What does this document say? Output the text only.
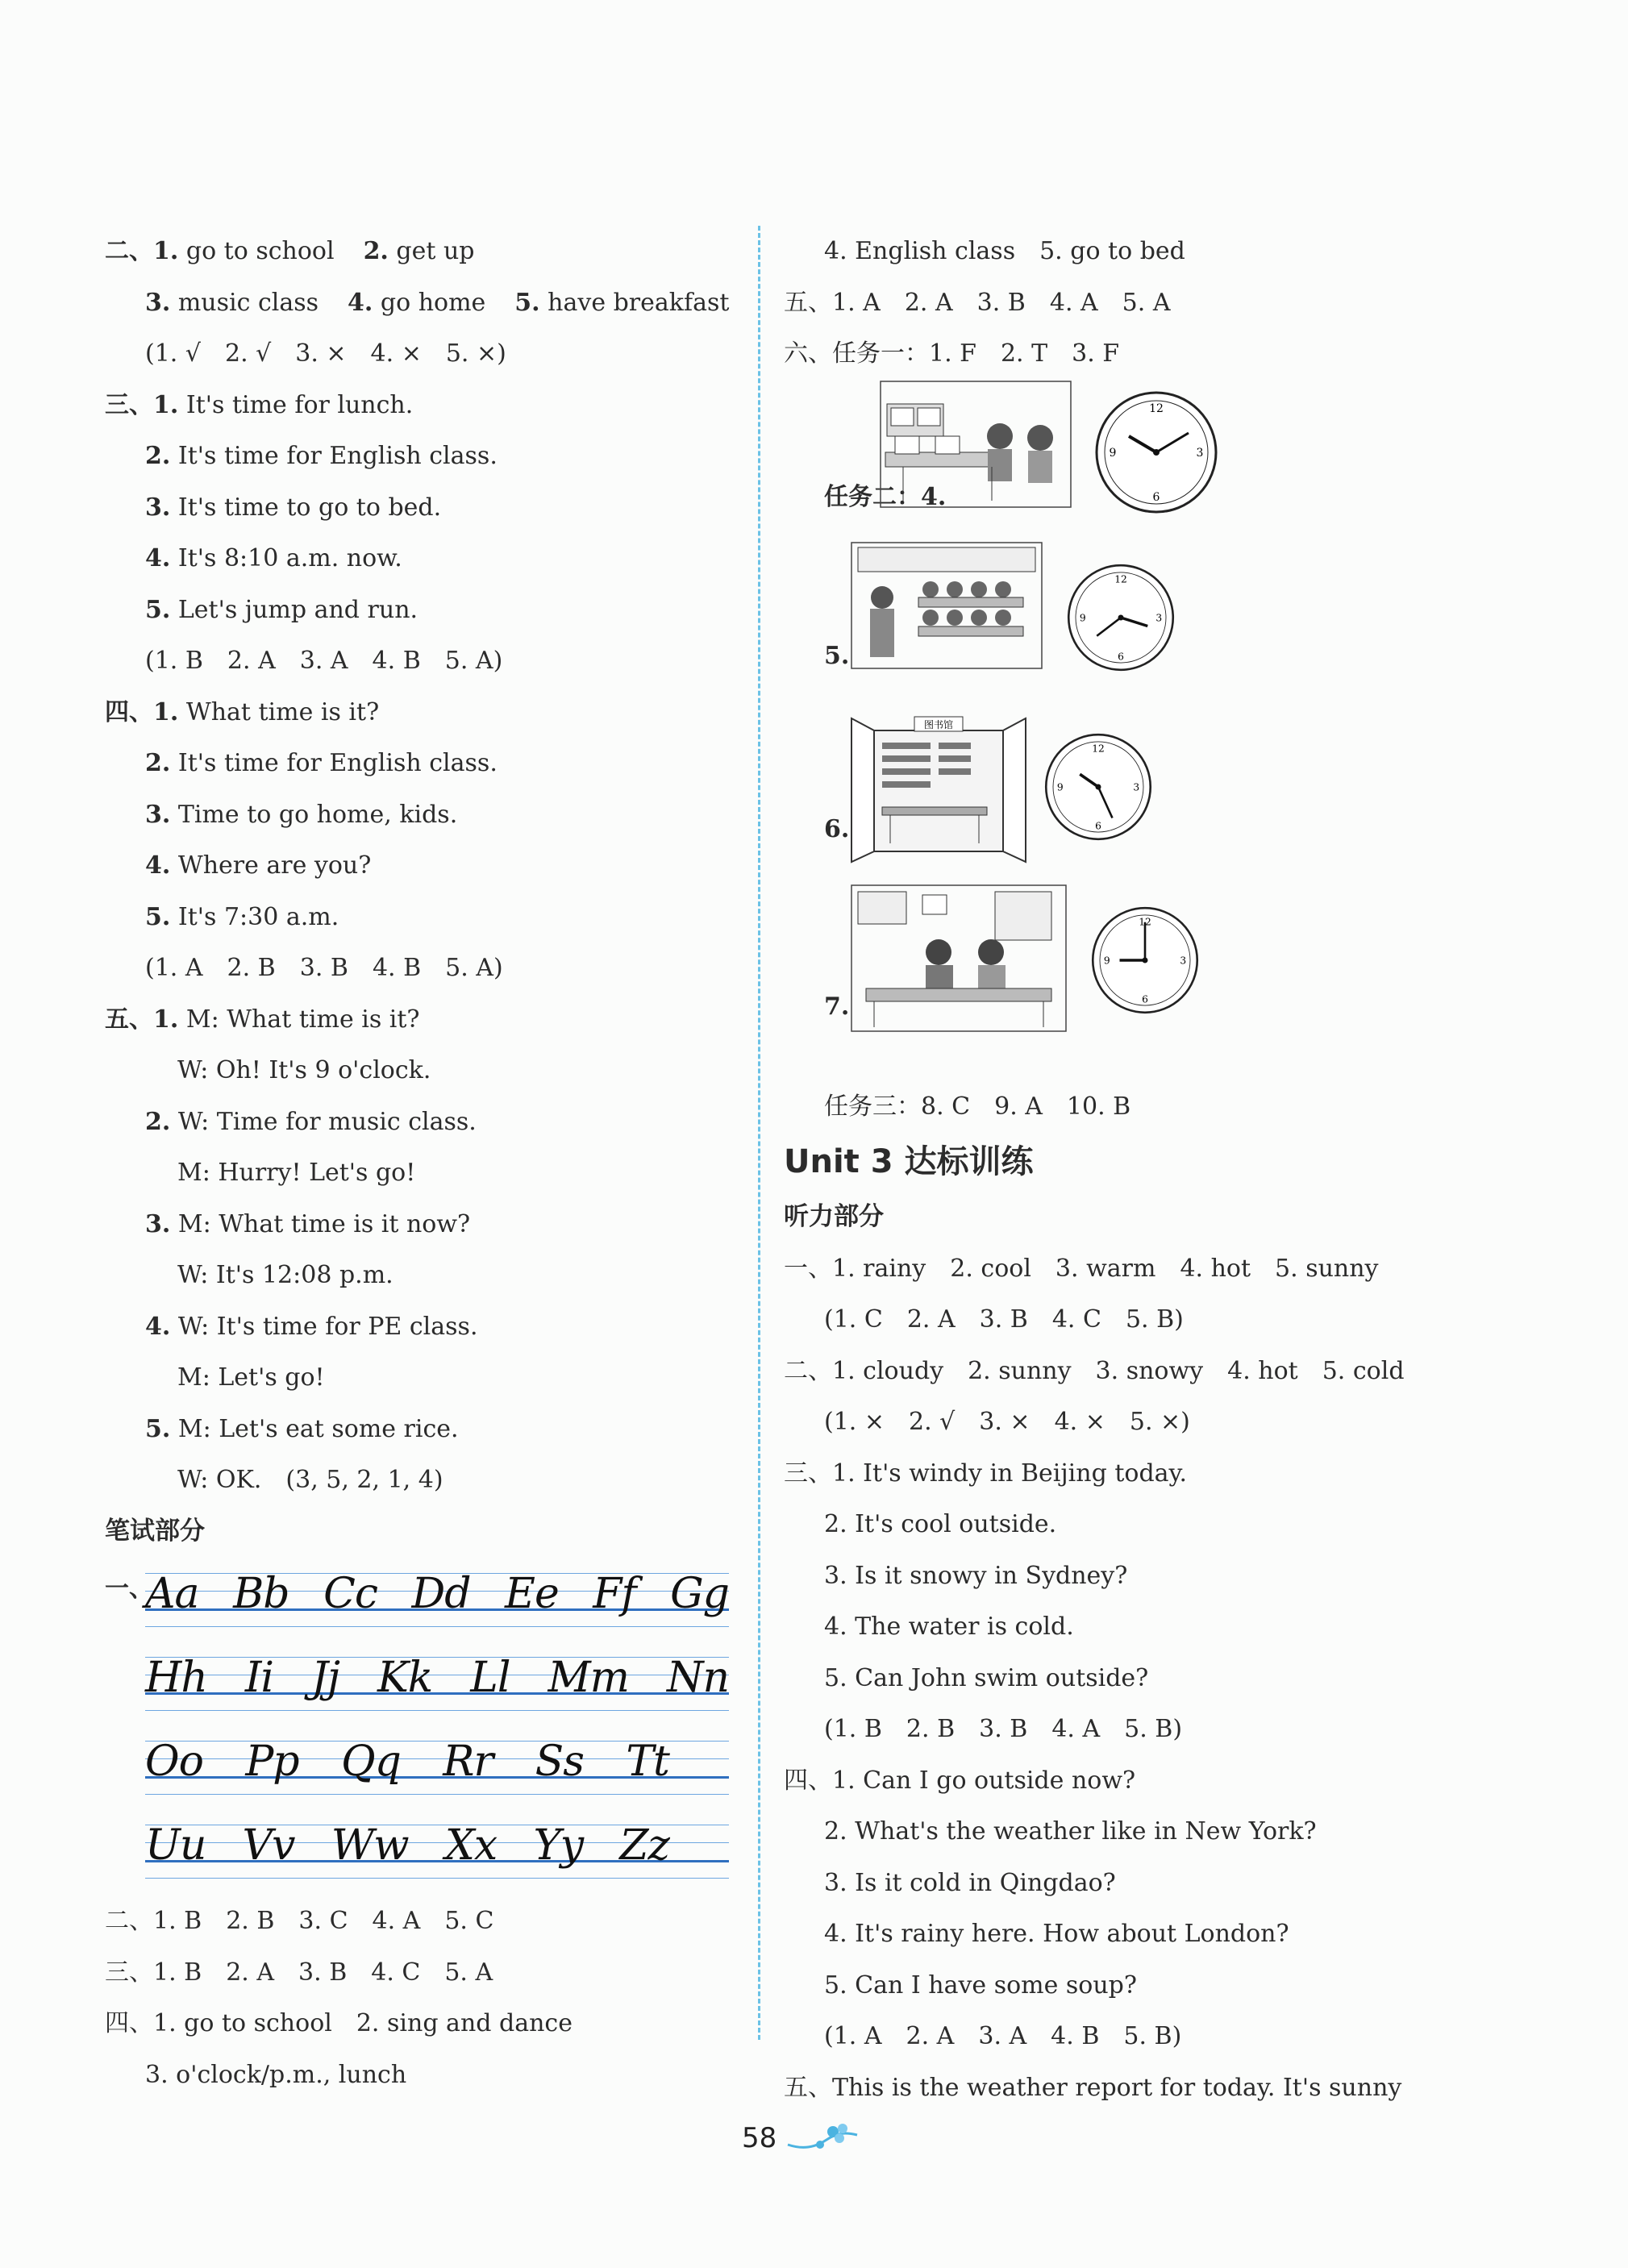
二、1. go to school 2. get up
3. music class 4. go home 5. have breakfast
(1. √　2. √　3. ×　4. ×　5. ×)
三、1. It's time for lunch.
2. It's time for English class.
3. It's time to go to bed.
4. It's 8:10 a.m. now.
5. Let's jump and run.
(1. B　2. A　3. A　4. B　5. A)
四、1. What time is it?
2. It's time for English class.
3. Time to go home, kids.
4. Where are you?
5. It's 7:30 a.m.
(1. A　2. B　3. B　4. B　5. A)
五、1. M: What time is it?
W: Oh! It's 9 o'clock.
2. W: Time for music class.
M: Hurry! Let's go!
3. M: What time is it now?
W: It's 12:08 p.m.
4. W: It's time for PE class.
M: Let's go!
5. M: Let's eat some rice.
W: OK.　(3, 5, 2, 1, 4)
笔试部分
一、
Aa Bb Cc Dd Ee Ff Gg
Hh Ii Jj Kk Ll Mm Nn
Oo Pp Qq Rr Ss Tt
Uu Vv Ww Xx Yy Zz
二、1. B　2. B　3. C　4. A　5. C
三、1. B　2. A　3. B　4. C　5. A
四、1. go to school　2. sing and dance
3. o'clock/p.m., lunch
4. English class　5. go to bed
五、1. A　2. A　3. B　4. A　5. A
六、任务一：1. F　2. T　3. F
任务二：4.
12
3
6
9
5.
12
3
6
9
6.
图书馆
12
3
6
9
7.
12
3
6
9
任务三：8. C　9. A　10. B
Unit 3 达标训练
听力部分
一、1. rainy　2. cool　3. warm　4. hot　5. sunny
(1. C　2. A　3. B　4. C　5. B)
二、1. cloudy　2. sunny　3. snowy　4. hot　5. cold
(1. ×　2. √　3. ×　4. ×　5. ×)
三、1. It's windy in Beijing today.
2. It's cool outside.
3. Is it snowy in Sydney?
4. The water is cold.
5. Can John swim outside?
(1. B　2. B　3. B　4. A　5. B)
四、1. Can I go outside now?
2. What's the weather like in New York?
3. Is it cold in Qingdao?
4. It's rainy here. How about London?
5. Can I have some soup?
(1. A　2. A　3. A　4. B　5. B)
五、This is the weather report for today. It's sunny
58
